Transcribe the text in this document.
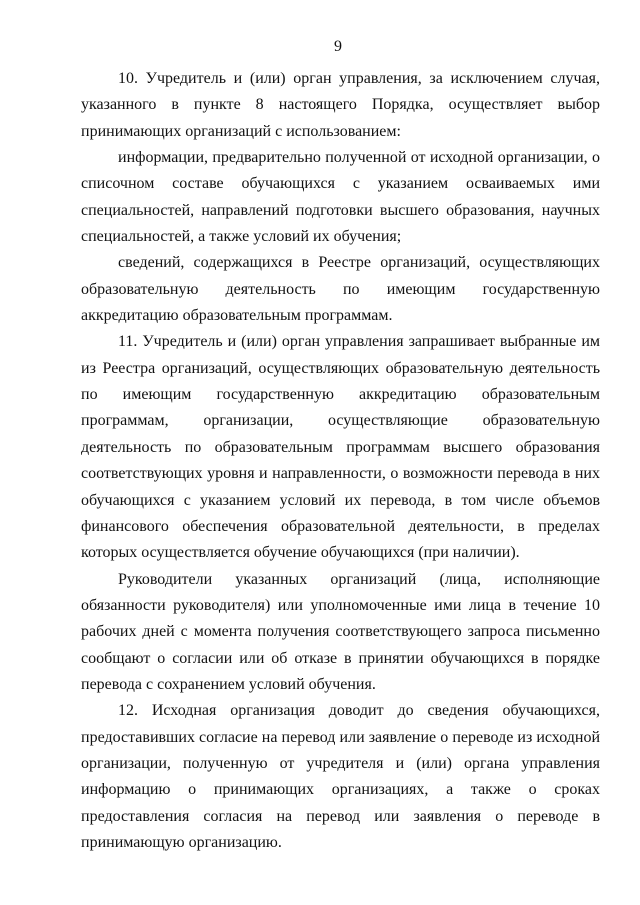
9

10. Учредитель и (или) орган управления, за исключением случая, указанного в пункте 8 настоящего Порядка, осуществляет выбор принимающих организаций с использованием:

информации, предварительно полученной от исходной организации, о списочном составе обучающихся с указанием осваиваемых ими специальностей, направлений подготовки высшего образования, научных специальностей, а также условий их обучения;

сведений, содержащихся в Реестре организаций, осуществляющих образовательную деятельность по имеющим государственную аккредитацию образовательным программам.

11. Учредитель и (или) орган управления запрашивает выбранные им из Реестра организаций, осуществляющих образовательную деятельность по имеющим государственную аккредитацию образовательным программам, организации, осуществляющие образовательную деятельность по образовательным программам высшего образования соответствующих уровня и направленности, о возможности перевода в них обучающихся с указанием условий их перевода, в том числе объемов финансового обеспечения образовательной деятельности, в пределах которых осуществляется обучение обучающихся (при наличии).

Руководители указанных организаций (лица, исполняющие обязанности руководителя) или уполномоченные ими лица в течение 10 рабочих дней с момента получения соответствующего запроса письменно сообщают о согласии или об отказе в принятии обучающихся в порядке перевода с сохранением условий обучения.

12. Исходная организация доводит до сведения обучающихся, предоставивших согласие на перевод или заявление о переводе из исходной организации, полученную от учредителя и (или) органа управления информацию о принимающих организациях, а также о сроках предоставления согласия на перевод или заявления о переводе в принимающую организацию.
